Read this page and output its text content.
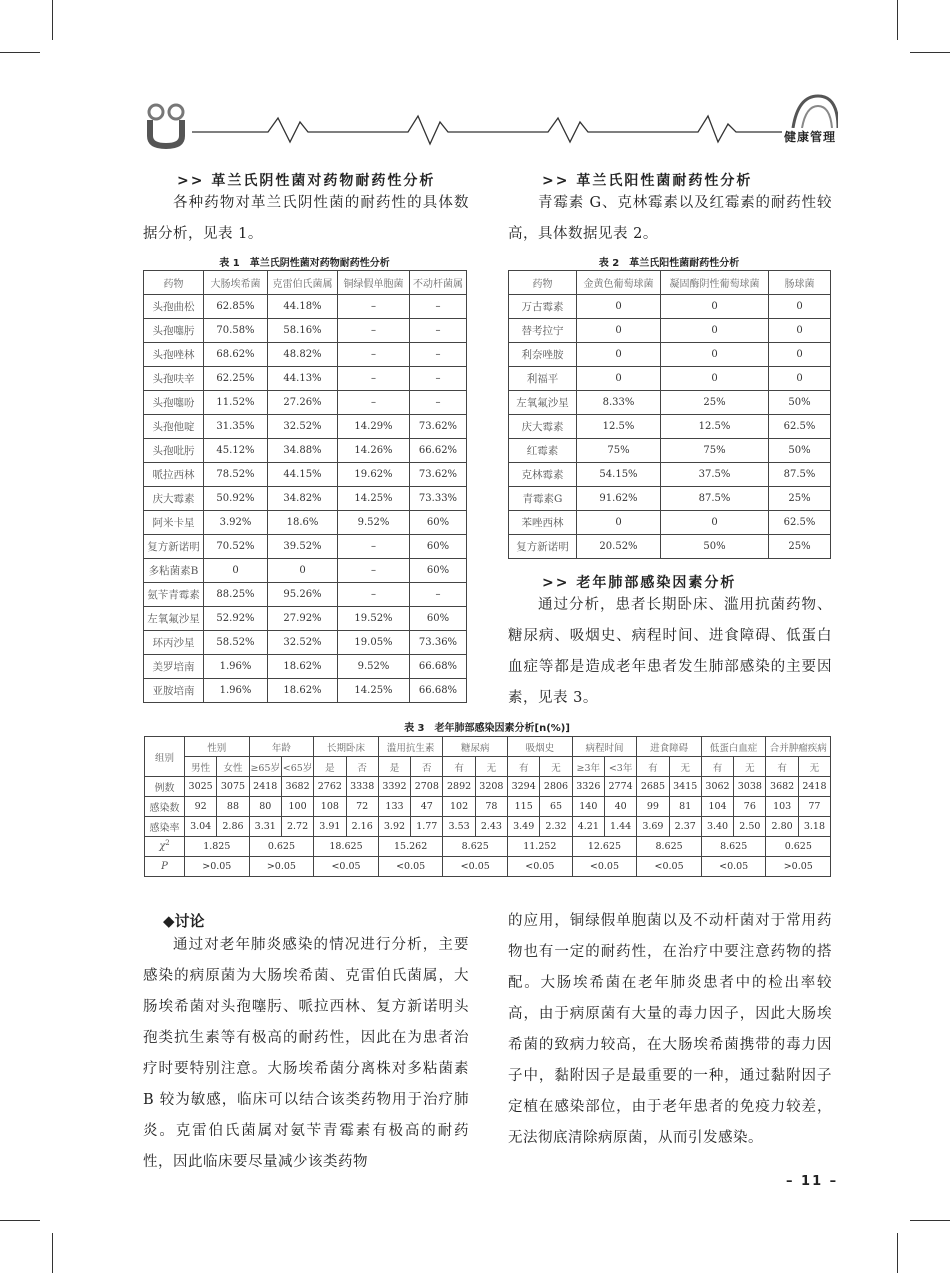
健康管理
>> 革兰氏阴性菌对药物耐药性分析
各种药物对革兰氏阴性菌的耐药性的具体数据分析，见表 1。
>> 革兰氏阳性菌耐药性分析
青霉素 G、克林霉素以及红霉素的耐药性较高，具体数据见表 2。
表 1　革兰氏阴性菌对药物耐药性分析
药物	大肠埃希菌	克雷伯氏菌属	铜绿假单胞菌	不动杆菌属
头孢曲松	62.85%	44.18%	–	–
头孢噻肟	70.58%	58.16%	–	–
头孢唑林	68.62%	48.82%	–	–
头孢呋辛	62.25%	44.13%	–	–
头孢噻吩	11.52%	27.26%	–	–
头孢他啶	31.35%	32.52%	14.29%	73.62%
头孢吡肟	45.12%	34.88%	14.26%	66.62%
哌拉西林	78.52%	44.15%	19.62%	73.62%
庆大霉素	50.92%	34.82%	14.25%	73.33%
阿米卡星	3.92%	18.6%	9.52%	60%
复方新诺明	70.52%	39.52%	–	60%
多粘菌素B	0	0	–	60%
氨苄青霉素	88.25%	95.26%	–	–
左氧氟沙星	52.92%	27.92%	19.52%	60%
环丙沙星	58.52%	32.52%	19.05%	73.36%
美罗培南	1.96%	18.62%	9.52%	66.68%
亚胺培南	1.96%	18.62%	14.25%	66.68%
表 2　革兰氏阳性菌耐药性分析
药物	金黄色葡萄球菌	凝固酶阴性葡萄球菌	肠球菌
万古霉素	0	0	0
替考拉宁	0	0	0
利奈唑胺	0	0	0
利福平	0	0	0
左氧氟沙星	8.33%	25%	50%
庆大霉素	12.5%	12.5%	62.5%
红霉素	75%	75%	50%
克林霉素	54.15%	37.5%	87.5%
青霉素G	91.62%	87.5%	25%
苯唑西林	0	0	62.5%
复方新诺明	20.52%	50%	25%
>> 老年肺部感染因素分析
通过分析，患者长期卧床、滥用抗菌药物、糖尿病、吸烟史、病程时间、进食障碍、低蛋白血症等都是造成老年患者发生肺部感染的主要因素，见表 3。
表 3　老年肺部感染因素分析[n(%)]
组别	性别		年龄		长期卧床		滥用抗生素		糖尿病		吸烟史		病程时间		进食障碍		低蛋白血症		合并肿瘤疾病	
	男性	女性	≥65岁	<65岁	是	否	是	否	有	无	有	无	≥3年	<3年	有	无	有	无	有	无
例数	3025	3075	2418	3682	2762	3338	3392	2708	2892	3208	3294	2806	3326	2774	2685	3415	3062	3038	3682	2418
感染数	92	88	80	100	108	72	133	47	102	78	115	65	140	40	99	81	104	76	103	77
感染率	3.04	2.86	3.31	2.72	3.91	2.16	3.92	1.77	3.53	2.43	3.49	2.32	4.21	1.44	3.69	2.37	3.40	2.50	2.80	3.18
$\chi^2$	1.825		0.625		18.625		15.262		8.625		11.252		12.625		8.625		8.625		0.625	
P	>0.05		>0.05		<0.05		<0.05		<0.05		<0.05		<0.05		<0.05		<0.05		>0.05	
◆讨论
通过对老年肺炎感染的情况进行分析，主要感染的病原菌为大肠埃希菌、克雷伯氏菌属，大肠埃希菌对头孢噻肟、哌拉西林、复方新诺明头孢类抗生素等有极高的耐药性，因此在为患者治疗时要特别注意。大肠埃希菌分离株对多粘菌素 B 较为敏感，临床可以结合该类药物用于治疗肺炎。克雷伯氏菌属对氨苄青霉素有极高的耐药性，因此临床要尽量减少该类药物
的应用，铜绿假单胞菌以及不动杆菌对于常用药物也有一定的耐药性，在治疗中要注意药物的搭配。大肠埃希菌在老年肺炎患者中的检出率较高，由于病原菌有大量的毒力因子，因此大肠埃希菌的致病力较高，在大肠埃希菌携带的毒力因子中，黏附因子是最重要的一种，通过黏附因子定植在感染部位，由于老年患者的免疫力较差，无法彻底清除病原菌，从而引发感染。
– 11 –
